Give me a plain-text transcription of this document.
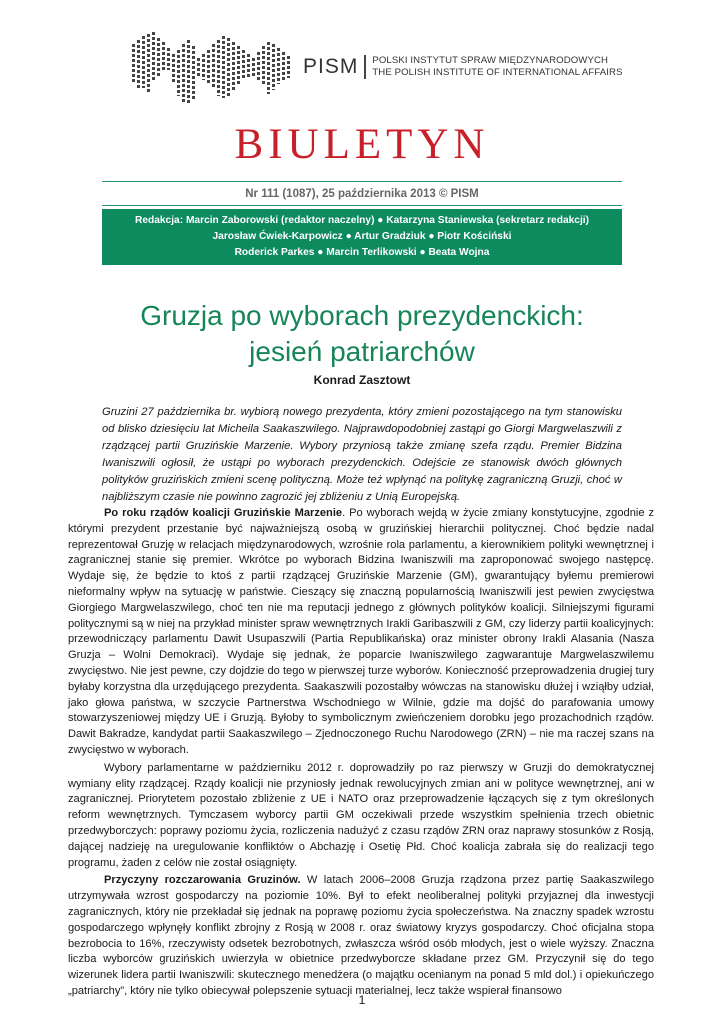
PISM	POLSKI INSTYTUT SPRAW MIĘDZYNARODOWYCH
THE POLISH INSTITUTE OF INTERNATIONAL AFFAIRS
BIULETYN
Nr 111 (1087), 25 października 2013 © PISM
Redakcja: Marcin Zaborowski (redaktor naczelny) ● Katarzyna Staniewska (sekretarz redakcji)
Jarosław Ćwiek-Karpowicz ● Artur Gradziuk ● Piotr Kościński
Roderick Parkes ● Marcin Terlikowski ● Beata Wojna
Gruzja po wyborach prezydenckich:
jesień patriarchów
Konrad Zasztowt
Gruzini 27 października br. wybiorą nowego prezydenta, który zmieni pozostającego na tym stanowisku od blisko dziesięciu lat Micheila Saakaszwilego. Najprawdopodobniej zastąpi go Giorgi Margwelaszwili z rządzącej partii Gruzińskie Marzenie. Wybory przyniosą także zmianę szefa rządu. Premier Bidzina Iwaniszwili ogłosił, że ustąpi po wyborach prezydenckich. Odejście ze stanowisk dwóch głównych polityków gruzińskich zmieni scenę polityczną. Może też wpłynąć na politykę zagraniczną Gruzji, choć w najbliższym czasie nie powinno zagrozić jej zbliżeniu z Unią Europejską.

Po roku rządów koalicji Gruzińskie Marzenie. Po wyborach wejdą w życie zmiany konstytucyjne, zgodnie z którymi prezydent przestanie być najważniejszą osobą w gruzińskiej hierarchii politycznej. Choć będzie nadal reprezentował Gruzję w relacjach międzynarodowych, wzrośnie rola parlamentu, a kierownikiem polityki wewnętrznej i zagranicznej stanie się premier. Wkrótce po wyborach Bidzina Iwaniszwili ma zaproponować swojego następcę. Wydaje się, że będzie to ktoś z partii rządzącej Gruzińskie Marzenie (GM), gwarantujący byłemu premierowi nieformalny wpływ na sytuację w państwie. Cieszący się znaczną popularnością Iwaniszwili jest pewien zwycięstwa Giorgiego Margwelaszwilego, choć ten nie ma reputacji jednego z głównych polityków koalicji. Silniejszymi figurami politycznymi są w niej na przykład minister spraw wewnętrznych Irakli Garibaszwili z GM, czy liderzy partii koalicyjnych: przewodniczący parlamentu Dawit Usupaszwili (Partia Republikańska) oraz minister obrony Irakli Alasania (Nasza Gruzja – Wolni Demokraci). Wydaje się jednak, że poparcie Iwaniszwilego zagwarantuje Margwelaszwilemu zwycięstwo. Nie jest pewne, czy dojdzie do tego w pierwszej turze wyborów. Konieczność przeprowadzenia drugiej tury byłaby korzystna dla urzędującego prezydenta. Saakaszwili pozostałby wówczas na stanowisku dłużej i wziąłby udział, jako głowa państwa, w szczycie Partnerstwa Wschodniego w Wilnie, gdzie ma dojść do parafowania umowy stowarzyszeniowej między UE i Gruzją. Byłoby to symbolicznym zwieńczeniem dorobku jego prozachodnich rządów. Dawit Bakradze, kandydat partii Saakaszwilego – Zjednoczonego Ruchu Narodowego (ZRN) – nie ma raczej szans na zwycięstwo w wyborach.

Wybory parlamentarne w październiku 2012 r. doprowadziły po raz pierwszy w Gruzji do demokratycznej wymiany elity rządzącej. Rządy koalicji nie przyniosły jednak rewolucyjnych zmian ani w polityce wewnętrznej, ani w zagranicznej. Priorytetem pozostało zbliżenie z UE i NATO oraz przeprowadzenie łączących się z tym określonych reform wewnętrznych. Tymczasem wyborcy partii GM oczekiwali przede wszystkim spełnienia trzech obietnic przedwyborczych: poprawy poziomu życia, rozliczenia nadużyć z czasu rządów ZRN oraz naprawy stosunków z Rosją, dającej nadzieję na uregulowanie konfliktów o Abchazję i Osetię Płd. Choć koalicja zabrała się do realizacji tego programu, żaden z celów nie został osiągnięty.

Przyczyny rozczarowania Gruzinów. W latach 2006–2008 Gruzja rządzona przez partię Saakaszwilego utrzymywała wzrost gospodarczy na poziomie 10%. Był to efekt neoliberalnej polityki przyjaznej dla inwestycji zagranicznych, który nie przekładał się jednak na poprawę poziomu życia społeczeństwa. Na znaczny spadek wzrostu gospodarczego wpłynęły konflikt zbrojny z Rosją w 2008 r. oraz światowy kryzys gospodarczy. Choć oficjalna stopa bezrobocia to 16%, rzeczywisty odsetek bezrobotnych, zwłaszcza wśród osób młodych, jest o wiele wyższy. Znaczna liczba wyborców gruzińskich uwierzyła w obietnice przedwyborcze składane przez GM. Przyczynił się do tego wizerunek lidera partii Iwaniszwili: skutecznego menedżera (o majątku ocenianym na ponad 5 mld dol.) i opiekuńczego „patriarchy”, który nie tylko obiecywał polepszenie sytuacji materialnej, lecz także wspierał finansowo

1
